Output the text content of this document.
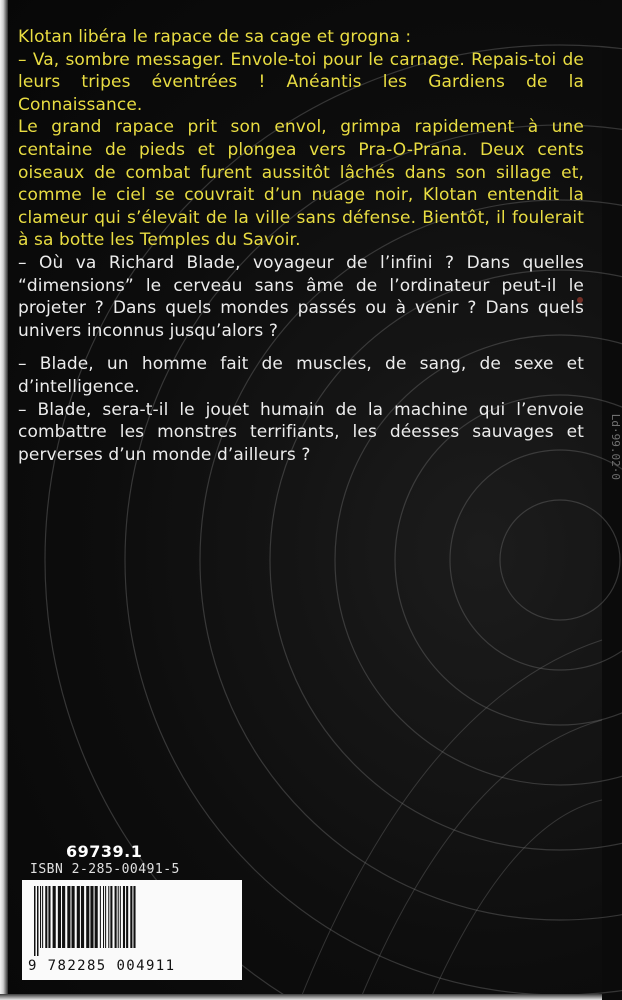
Klotan libéra le rapace de sa cage et grogna :

– Va, sombre messager. Envole-toi pour le carnage. Repais-toi de leurs tripes éventrées ! Anéantis les Gardiens de la Connaissance.

Le grand rapace prit son envol, grimpa rapidement à une centaine de pieds et plongea vers Pra-O-Prana. Deux cents oiseaux de combat furent aussitôt lâchés dans son sillage et, comme le ciel se couvrait d’un nuage noir, Klotan entendit la clameur qui s’élevait de la ville sans défense. Bientôt, il foulerait à sa botte les Temples du Savoir.

– Où va Richard Blade, voyageur de l’infini ? Dans quelles “dimensions” le cerveau sans âme de l’ordinateur peut-il le projeter ? Dans quels mondes passés ou à venir ? Dans quels univers inconnus jusqu’alors ?

– Blade, un homme fait de muscles, de sang, de sexe et d’intelligence.

– Blade, sera-t-il le jouet humain de la machine qui l’envoie combattre les monstres terrifiants, les déesses sauvages et perverses d’un monde d’ailleurs ?	Ld·99.02·0
69739.1
ISBN 2-285-00491-5
9 782285 004911
